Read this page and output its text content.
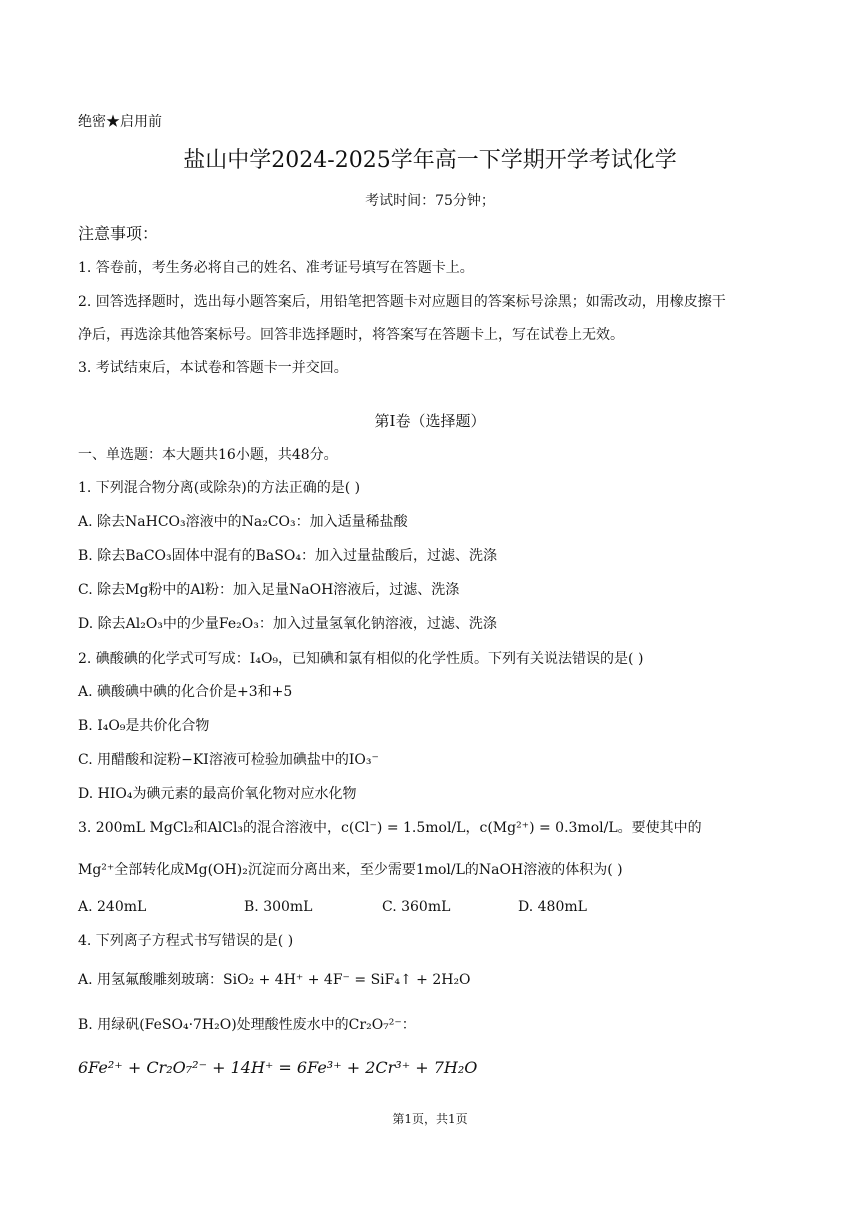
绝密★启用前
盐山中学2024-2025学年高一下学期开学考试化学
考试时间：75分钟；
注意事项：
1. 答卷前，考生务必将自己的姓名、准考证号填写在答题卡上。
2. 回答选择题时，选出每小题答案后，用铅笔把答题卡对应题目的答案标号涂黑；如需改动，用橡皮擦干
净后，再选涂其他答案标号。回答非选择题时，将答案写在答题卡上，写在试卷上无效。
3. 考试结束后，本试卷和答题卡一并交回。
第Ⅰ卷（选择题）
一、单选题：本大题共16小题，共48分。
1. 下列混合物分离(或除杂)的方法正确的是( )
A. 除去NaHCO₃溶液中的Na₂CO₃：加入适量稀盐酸
B. 除去BaCO₃固体中混有的BaSO₄：加入过量盐酸后，过滤、洗涤
C. 除去Mg粉中的Al粉：加入足量NaOH溶液后，过滤、洗涤
D. 除去Al₂O₃中的少量Fe₂O₃：加入过量氢氧化钠溶液，过滤、洗涤
2. 碘酸碘的化学式可写成：I₄O₉，已知碘和氯有相似的化学性质。下列有关说法错误的是( )
A. 碘酸碘中碘的化合价是+3和+5
B. I₄O₉是共价化合物
C. 用醋酸和淀粉−KI溶液可检验加碘盐中的IO₃⁻
D. HIO₄为碘元素的最高价氧化物对应水化物
3. 200mL MgCl₂和AlCl₃的混合溶液中，c(Cl⁻) = 1.5mol/L，c(Mg²⁺) = 0.3mol/L。要使其中的
Mg²⁺全部转化成Mg(OH)₂沉淀而分离出来，至少需要1mol/L的NaOH溶液的体积为( )
A. 240mL	B. 300mL	C. 360mL	D. 480mL
4. 下列离子方程式书写错误的是( )
A. 用氢氟酸雕刻玻璃：SiO₂ + 4H⁺ + 4F⁻ = SiF₄↑ + 2H₂O
B. 用绿矾(FeSO₄·7H₂O)处理酸性废水中的Cr₂O₇²⁻：
6Fe²⁺ + Cr₂O₇²⁻ + 14H⁺ = 6Fe³⁺ + 2Cr³⁺ + 7H₂O
第1页，共1页
